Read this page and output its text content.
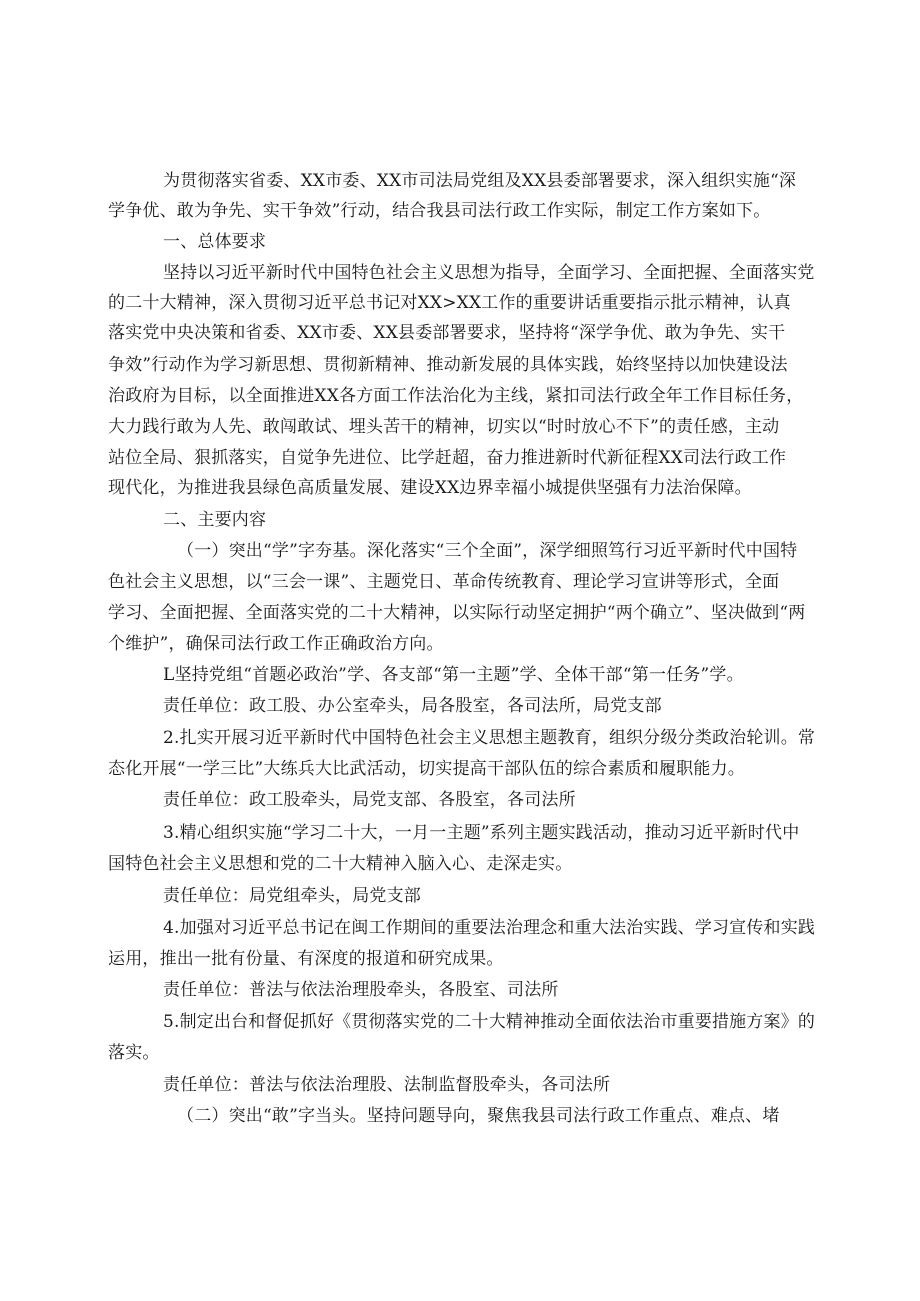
为贯彻落实省委、XX市委、XX市司法局党组及XX县委部署要求，深入组织实施“深
学争优、敢为争先、实干争效”行动，结合我县司法行政工作实际，制定工作方案如下。
一、总体要求
坚持以习近平新时代中国特色社会主义思想为指导，全面学习、全面把握、全面落实党
的二十大精神，深入贯彻习近平总书记对XX>XX工作的重要讲话重要指示批示精神，认真
落实党中央决策和省委、XX市委、XX县委部署要求，坚持将“深学争优、敢为争先、实干
争效”行动作为学习新思想、贯彻新精神、推动新发展的具体实践，始终坚持以加快建设法
治政府为目标，以全面推进XX各方面工作法治化为主线，紧扣司法行政全年工作目标任务，
大力践行敢为人先、敢闯敢试、埋头苦干的精神，切实以“时时放心不下”的责任感，主动
站位全局、狠抓落实，自觉争先进位、比学赶超，奋力推进新时代新征程XX司法行政工作
现代化，为推进我县绿色高质量发展、建设XX边界幸福小城提供坚强有力法治保障。
二、主要内容
（一）突出“学”字夯基。深化落实“三个全面”，深学细照笃行习近平新时代中国特
色社会主义思想，以“三会一课”、主题党日、革命传统教育、理论学习宣讲等形式，全面
学习、全面把握、全面落实党的二十大精神，以实际行动坚定拥护“两个确立”、坚决做到“两
个维护”，确保司法行政工作正确政治方向。
L坚持党组“首题必政治”学、各支部“第一主题”学、全体干部“第一任务”学。
责任单位：政工股、办公室牵头，局各股室，各司法所，局党支部
2.扎实开展习近平新时代中国特色社会主义思想主题教育，组织分级分类政治轮训。常
态化开展“一学三比”大练兵大比武活动，切实提高干部队伍的综合素质和履职能力。
责任单位：政工股牵头，局党支部、各股室，各司法所
3.精心组织实施“学习二十大，一月一主题”系列主题实践活动，推动习近平新时代中
国特色社会主义思想和党的二十大精神入脑入心、走深走实。
责任单位：局党组牵头，局党支部
4.加强对习近平总书记在闽工作期间的重要法治理念和重大法治实践、学习宣传和实践
运用，推出一批有份量、有深度的报道和研究成果。
责任单位：普法与依法治理股牵头，各股室、司法所
5.制定出台和督促抓好《贯彻落实党的二十大精神推动全面依法治市重要措施方案》的
落实。
责任单位：普法与依法治理股、法制监督股牵头，各司法所
（二）突出“敢”字当头。坚持问题导向，聚焦我县司法行政工作重点、难点、堵
